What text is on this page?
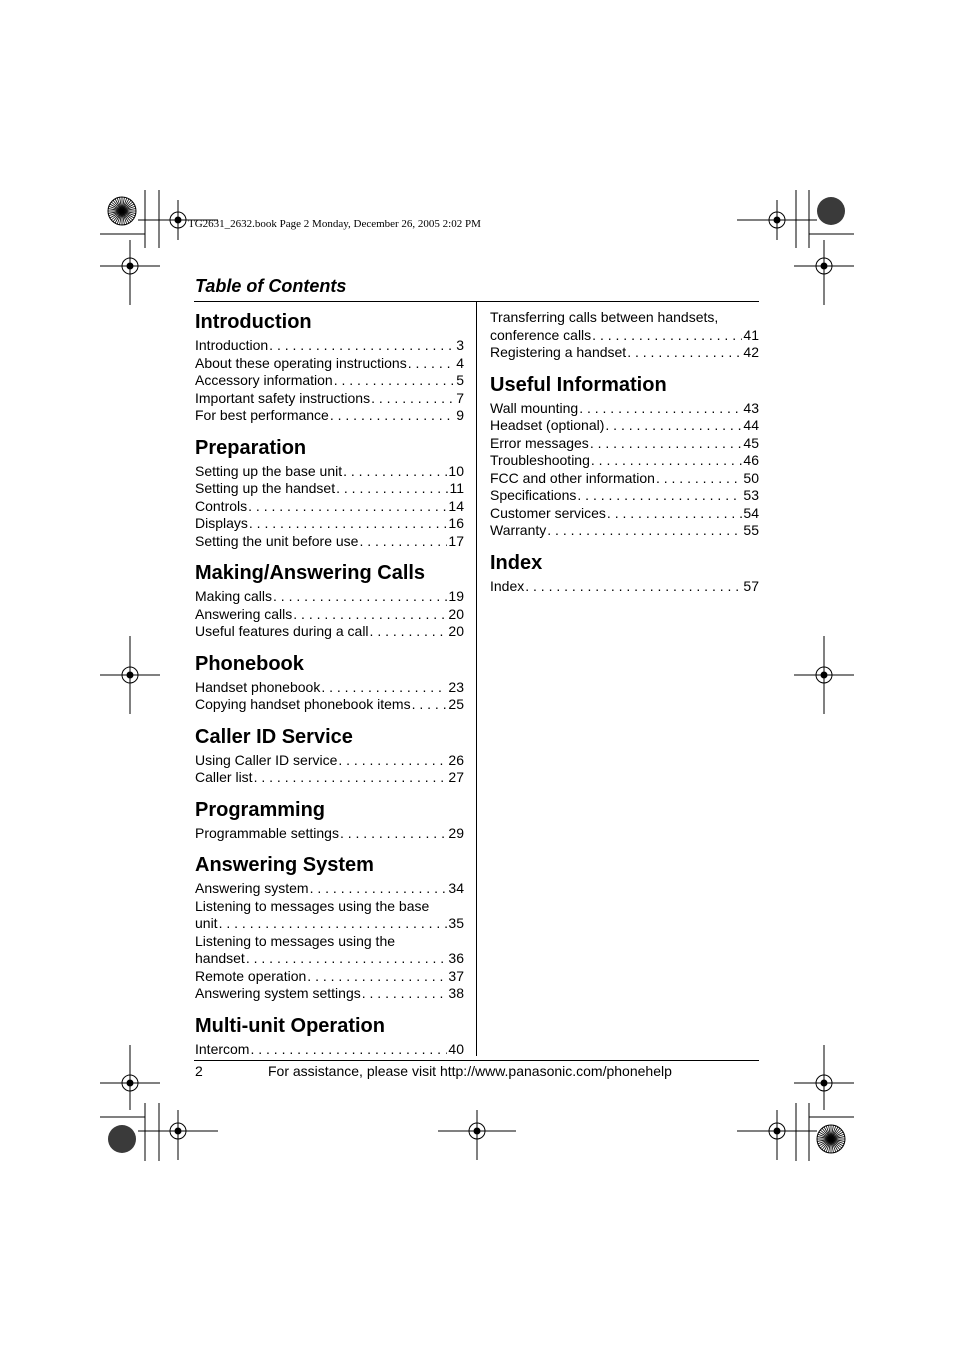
TG2631_2632.book Page 2 Monday, December 26, 2005 2:02 PM
Table of Contents
Introduction
Introduction . . .	3
About these operating instructions . . .	4
Accessory information . . .	5
Important safety instructions . . .	7
For best performance . . .	9
Preparation
Setting up the base unit . . .	10
Setting up the handset . . .	11
Controls . . .	14
Displays . . .	16
Setting the unit before use . . .	17
Making/Answering Calls
Making calls . . .	19
Answering calls . . .	20
Useful features during a call . . .	20
Phonebook
Handset phonebook . . .	23
Copying handset phonebook items . . .	25
Caller ID Service
Using Caller ID service . . .	26
Caller list . . .	27
Programming
Programmable settings . . .	29
Answering System
Answering system . . .	34
Listening to messages using the base
unit . . .	35
Listening to messages using the
handset . . .	36
Remote operation . . .	37
Answering system settings . . .	38
Multi-unit Operation
Intercom . . .	40
Transferring calls between handsets,
conference calls . . .	41
Registering a handset . . .	42
Useful Information
Wall mounting . . .	43
Headset (optional) . . .	44
Error messages . . .	45
Troubleshooting . . .	46
FCC and other information . . .	50
Specifications . . .	53
Customer services . . .	54
Warranty . . .	55
Index
Index . . .	57
2	For assistance, please visit http://www.panasonic.com/phonehelp
